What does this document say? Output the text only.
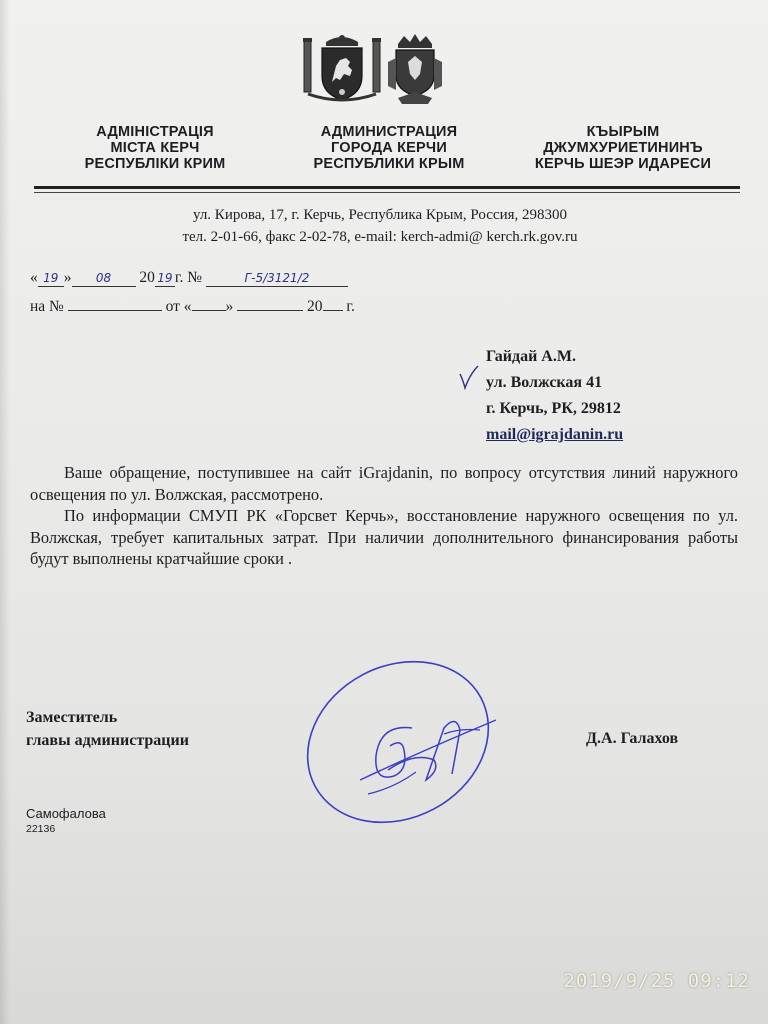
АДМІНІСТРАЦІЯ
МІСТА КЕРЧ
РЕСПУБЛІКИ КРИМ
АДМИНИСТРАЦИЯ
ГОРОДА КЕРЧИ
РЕСПУБЛИКИ КРЫМ
КЪЫРЫМ
ДЖУМХУРИЕТИНИНЪ
КЕРЧЬ ШЕЭР ИДАРЕСИ
ул. Кирова, 17, г. Керчь, Республика Крым, Россия, 298300
тел. 2-01-66, факс 2-02-78, e-mail: kerch-admi@ kerch.rk.gov.ru
« 19 » 08 20 19 г. №	Г-5/3121/2
на №	от « »	20 г.
Гайдай А.М.
ул. Волжская 41
г. Керчь, РК, 29812
mail@igrajdanin.ru

Ваше обращение, поступившее на сайт iGrajdanin, по вопросу отсутствия линий наружного освещения по ул. Волжская, рассмотрено.

По информации СМУП РК «Горсвет Керчь», восстановление наружного освещения по ул. Волжская, требует капитальных затрат. При наличии дополнительного финансирования работы будут выполнены кратчайшие сроки .

Заместитель
главы администрации	Д.А. Галахов
Самофалова
22136
2019/9/25 09:12
